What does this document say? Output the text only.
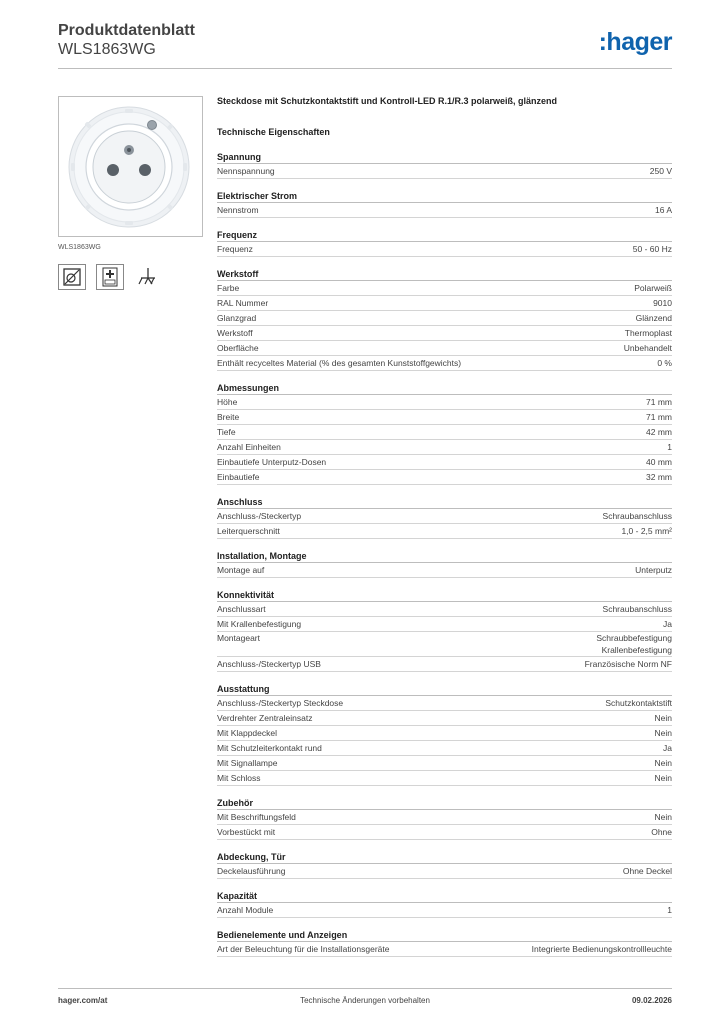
Produktdatenblatt
WLS1863WG	:hager
WLS1863WG
Steckdose mit Schutzkontaktstift und Kontroll-LED R.1/R.3 polarweiß, glänzend
Technische Eigenschaften
Spannung
Nennspannung	250 V
Elektrischer Strom
Nennstrom	16 A
Frequenz
Frequenz	50 - 60 Hz
Werkstoff
Farbe	Polarweiß
RAL Nummer	9010
Glanzgrad	Glänzend
Werkstoff	Thermoplast
Oberfläche	Unbehandelt
Enthält recyceltes Material (% des gesamten Kunststoffgewichts)	0 %
Abmessungen
Höhe	71 mm
Breite	71 mm
Tiefe	42 mm
Anzahl Einheiten	1
Einbautiefe Unterputz-Dosen	40 mm
Einbautiefe	32 mm
Anschluss
Anschluss-/Steckertyp	Schraubanschluss
Leiterquerschnitt	1,0 - 2,5 mm²
Installation, Montage
Montage auf	Unterputz
Konnektivität
Anschlussart	Schraubanschluss
Mit Krallenbefestigung	Ja
Montageart	Schraubbefestigung
Krallenbefestigung
Anschluss-/Steckertyp USB	Französische Norm NF
Ausstattung
Anschluss-/Steckertyp Steckdose	Schutzkontaktstift
Verdrehter Zentraleinsatz	Nein
Mit Klappdeckel	Nein
Mit Schutzleiterkontakt rund	Ja
Mit Signallampe	Nein
Mit Schloss	Nein
Zubehör
Mit Beschriftungsfeld	Nein
Vorbestückt mit	Ohne
Abdeckung, Tür
Deckelausführung	Ohne Deckel
Kapazität
Anzahl Module	1
Bedienelemente und Anzeigen
Art der Beleuchtung für die Installationsgeräte	Integrierte Bedienungskontrollleuchte
hager.com/at	Technische Änderungen vorbehalten	09.02.2026
